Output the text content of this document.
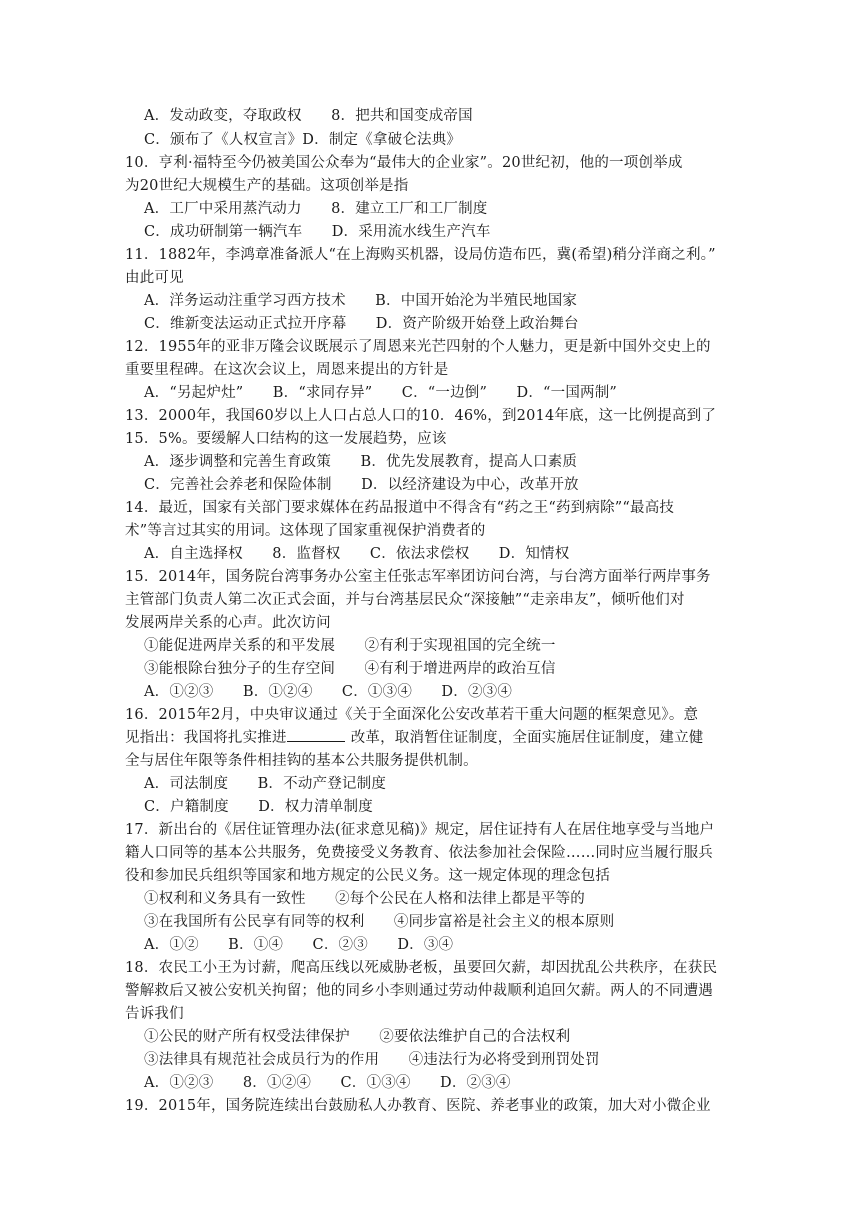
A．发动政变，夺取政权　　8．把共和国变成帝国
C．颁布了《人权宣言》D．制定《拿破仑法典》
10．亨利·福特至今仍被美国公众奉为“最伟大的企业家”。20世纪初，他的一项创举成
为20世纪大规模生产的基础。这项创举是指
A．工厂中采用蒸汽动力　　8．建立工厂和工厂制度
C．成功研制第一辆汽车　　D．采用流水线生产汽车
11．1882年，李鸿章准备派人“在上海购买机器，设局仿造布匹，冀(希望)稍分洋商之利。”
由此可见
A．洋务运动注重学习西方技术　　B．中国开始沦为半殖民地国家
C．维新变法运动正式拉开序幕　　D．资产阶级开始登上政治舞台
12．1955年的亚非万隆会议既展示了周恩来光芒四射的个人魅力，更是新中国外交史上的
重要里程碑。在这次会议上，周恩来提出的方针是
A．“另起炉灶”　　B．“求同存异”　　C．“一边倒”　　D．“一国两制”
13．2000年，我国60岁以上人口占总人口的10．46%，到2014年底，这一比例提高到了
15．5%。要缓解人口结构的这一发展趋势，应该
A．逐步调整和完善生育政策　　B．优先发展教育，提高人口素质
C．完善社会养老和保险体制　　D．以经济建设为中心，改革开放
14．最近，国家有关部门要求媒体在药品报道中不得含有“药之王“药到病除”“最高技
术”等言过其实的用词。这体现了国家重视保护消费者的
A．自主选择权　　8．监督权　　C．依法求偿权　　D．知情权
15．2014年，国务院台湾事务办公室主任张志军率团访问台湾，与台湾方面举行两岸事务
主管部门负责人第二次正式会面，并与台湾基层民众“深接触”“走亲串友”，倾听他们对
发展两岸关系的心声。此次访问
①能促进两岸关系的和平发展　　②有利于实现祖国的完全统一
③能根除台独分子的生存空间　　④有利于增进两岸的政治互信
A．①②③　　B．①②④　　C．①③④　　D．②③④
16．2015年2月，中央审议通过《关于全面深化公安改革若干重大问题的框架意见》。意
见指出：我国将扎实推进	改革，取消暂住证制度，全面实施居住证制度，建立健
全与居住年限等条件相挂钩的基本公共服务提供机制。
A．司法制度　　B．不动产登记制度
C．户籍制度　　D．权力清单制度
17．新出台的《居住证管理办法(征求意见稿)》规定，居住证持有人在居住地享受与当地户
籍人口同等的基本公共服务，免费接受义务教育、依法参加社会保险……同时应当履行服兵
役和参加民兵组织等国家和地方规定的公民义务。这一规定体现的理念包括
①权利和义务具有一致性　　②每个公民在人格和法律上都是平等的
③在我国所有公民享有同等的权利　　④同步富裕是社会主义的根本原则
A．①②　　B．①④　　C．②③　　D．③④
18．农民工小王为讨薪，爬高压线以死威胁老板，虽要回欠薪，却因扰乱公共秩序，在获民
警解救后又被公安机关拘留；他的同乡小李则通过劳动仲裁顺利追回欠薪。两人的不同遭遇
告诉我们
①公民的财产所有权受法律保护　　②要依法维护自己的合法权利
③法律具有规范社会成员行为的作用　　④违法行为必将受到刑罚处罚
A．①②③　　8．①②④　　C．①③④　　D．②③④
19．2015年，国务院连续出台鼓励私人办教育、医院、养老事业的政策，加大对小微企业
